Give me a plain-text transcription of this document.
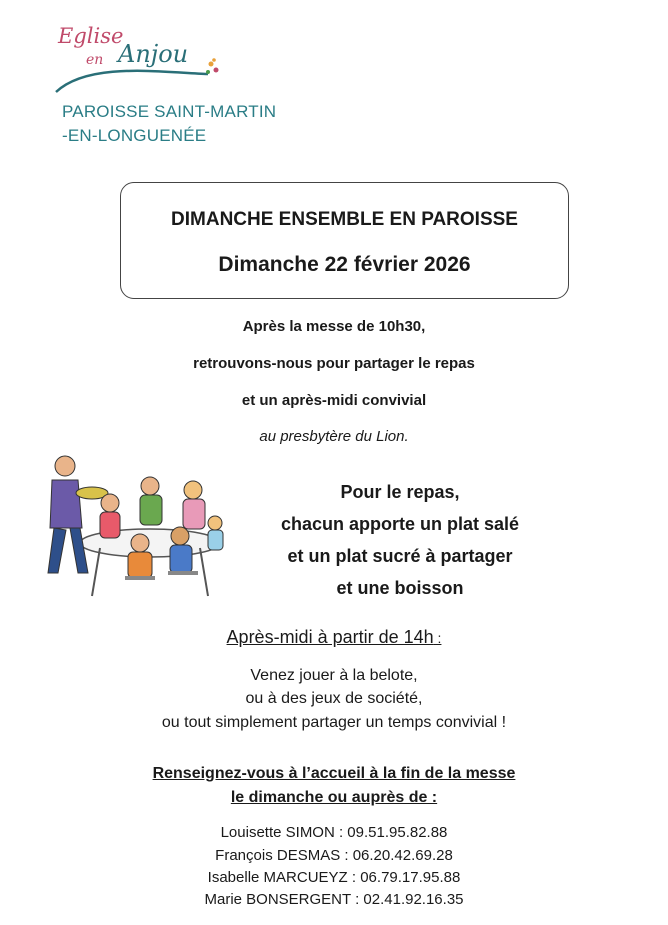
Eglise
en Anjou
PAROISSE SAINT-MARTIN
-EN-LONGUENÉE
DIMANCHE ENSEMBLE EN PAROISSE
Dimanche 22 février 2026
Après la messe de 10h30,
retrouvons-nous pour partager le repas
et un après-midi convivial
au presbytère du Lion.
Pour le repas,
chacun apporte un plat salé
et un plat sucré à partager
et une boisson
Après-midi à partir de 14h :
Venez jouer à la belote,
ou à des jeux de société,
ou tout simplement partager un temps convivial !
Renseignez-vous à l’accueil à la fin de la messe
le dimanche ou auprès de :
Louisette SIMON : 09.51.95.82.88
François DESMAS : 06.20.42.69.28
Isabelle MARCUEYZ : 06.79.17.95.88
Marie BONSERGENT : 02.41.92.16.35
